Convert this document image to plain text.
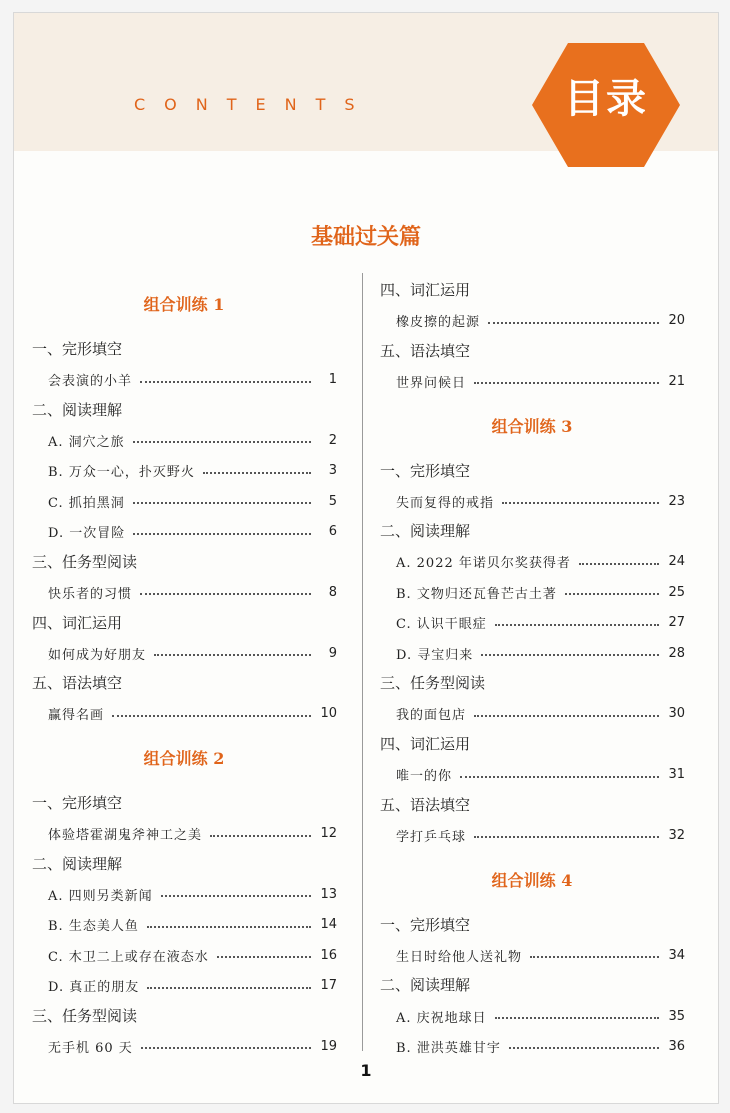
CONTENTS	目录
基础过关篇
组合训练 1
一、完形填空
会表演的小羊	1
二、阅读理解
A. 洞穴之旅	2
B. 万众一心，扑灭野火	3
C. 抓拍黑洞	5
D. 一次冒险	6
三、任务型阅读
快乐者的习惯	8
四、词汇运用
如何成为好朋友	9
五、语法填空
赢得名画	10
组合训练 2
一、完形填空
体验塔霍湖鬼斧神工之美	12
二、阅读理解
A. 四则另类新闻	13
B. 生态美人鱼	14
C. 木卫二上或存在液态水	16
D. 真正的朋友	17
三、任务型阅读
无手机 60 天	19
四、词汇运用
橡皮擦的起源	20
五、语法填空
世界问候日	21
组合训练 3
一、完形填空
失而复得的戒指	23
二、阅读理解
A. 2022 年诺贝尔奖获得者	24
B. 文物归还瓦鲁芒古土著	25
C. 认识干眼症	27
D. 寻宝归来	28
三、任务型阅读
我的面包店	30
四、词汇运用
唯一的你	31
五、语法填空
学打乒乓球	32
组合训练 4
一、完形填空
生日时给他人送礼物	34
二、阅读理解
A. 庆祝地球日	35
B. 泄洪英雄甘宇	36
1
